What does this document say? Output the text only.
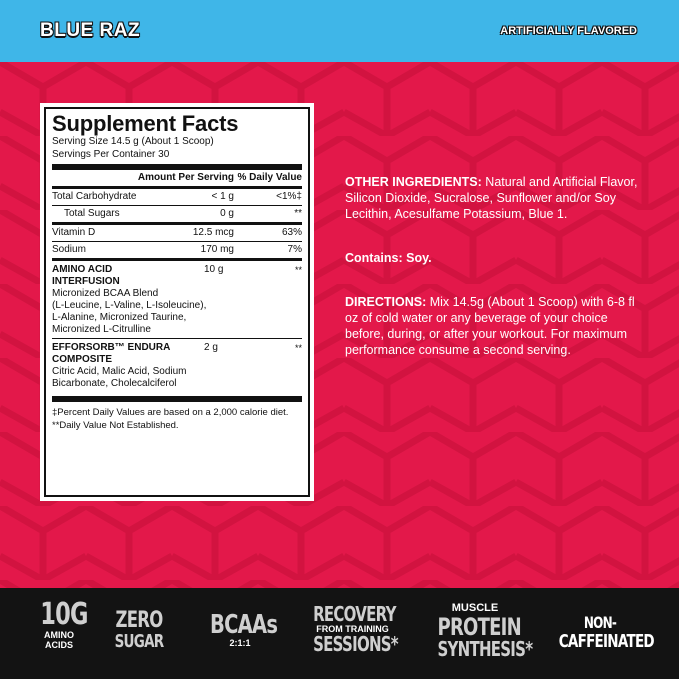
BLUE RAZ	ARTIFICIALLY FLAVORED
Supplement Facts
Serving Size 14.5 g (About 1 Scoop)
Servings Per Container 30
Amount Per Serving % Daily Value
Total Carbohydrate	< 1 g	<1%‡
Total Sugars	0 g	**
Vitamin D	12.5 mcg	63%
Sodium	170 mg	7%
AMINO ACID	10 g	**
INTERFUSION
Micronized BCAA Blend
(L-Leucine, L-Valine, L-Isoleucine),
L-Alanine, Micronized Taurine,
Micronized L-Citrulline
EFFORSORB™ ENDURA	2 g	**
COMPOSITE
Citric Acid, Malic Acid, Sodium
Bicarbonate, Cholecalciferol
‡Percent Daily Values are based on a 2,000 calorie diet.
**Daily Value Not Established.

OTHER INGREDIENTS: Natural and Artificial Flavor, Silicon Dioxide, Sucralose, Sunflower and/or Soy Lecithin, Acesulfame Potassium, Blue 1.

Contains: Soy.

DIRECTIONS: Mix 14.5g (About 1 Scoop) with 6-8 fl oz of cold water or any beverage of your choice before, during, or after your workout. For maximum performance consume a second serving.

10G
AMINO ACIDS
ZERO
SUGAR
BCAAs
2:1:1
RECOVERY
FROM TRAINING
SESSIONS*
MUSCLE
PROTEIN
SYNTHESIS*
NON-
CAFFEINATED
